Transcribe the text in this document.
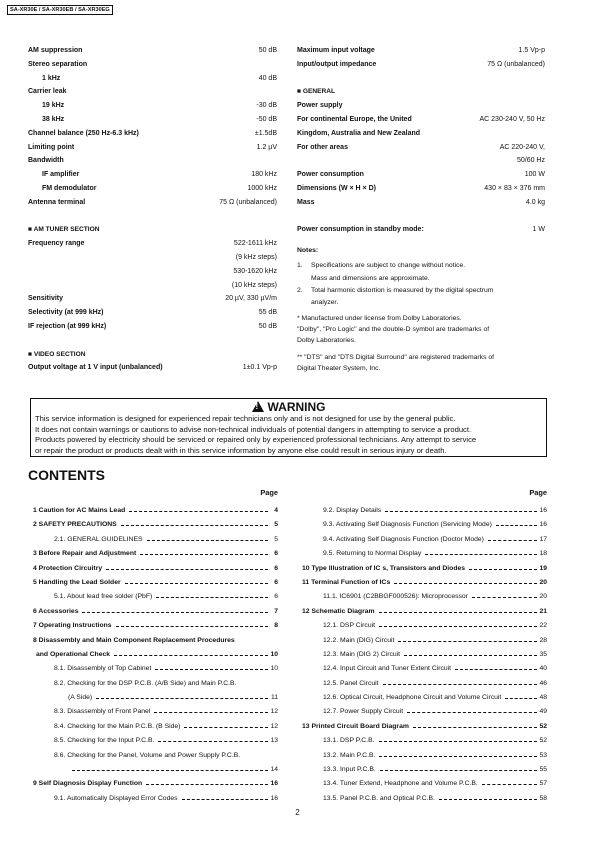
SA-XR30E / SA-XR30EB / SA-XR30EG
AM suppression	50 dB
Stereo separation
1 kHz	40 dB
Carrier leak
19 kHz	-30 dB
38 kHz	-50 dB
Channel balance (250 Hz-6.3 kHz)	±1.5dB
Limiting point	1.2 µV
Bandwidth
IF amplifier	180 kHz
FM demodulator	1000 kHz
Antenna terminal	75 Ω (unbalanced)
■ AM TUNER SECTION
Frequency range	522-1611 kHz
(9 kHz steps)
530-1620 kHz
(10 kHz steps)
Sensitivity	20 µV, 330 µV/m
Selectivity (at 999 kHz)	55 dB
IF rejection (at 999 kHz)	50 dB
■ VIDEO SECTION
Output voltage at 1 V input (unbalanced)	1±0.1 Vp-p
Maximum input voltage	1.5 Vp-p
Input/output impedance	75 Ω (unbalanced)
■ GENERAL
Power supply
For continental Europe, the United	AC 230-240 V, 50 Hz
Kingdom, Australia and New Zealand
For other areas	AC 220-240 V,
50/60 Hz
Power consumption	100 W
Dimensions (W × H × D)	430 × 83 × 376 mm
Mass	4.0 kg
Power consumption in standby mode:	1 W
Notes:
1.	Specifications are subject to change without notice.
Mass and dimensions are approximate.
2.	Total harmonic distortion is measured by the digital spectrum
analyzer.
* Manufactured under license from Dolby Laboratories.
"Dolby", "Pro Logic" and the double-D symbol are trademarks of
Dolby Laboratories.
** "DTS" and "DTS Digital Surround" are registered trademarks of
Digital Theater System, Inc.
!WARNING
This service information is designed for experienced repair technicians only and is not designed for use by the general public.
It does not contain warnings or cautions to advise non-technical individuals of potential dangers in attempting to service a product.
Products powered by electricity should be serviced or repaired only by experienced professional technicians. Any attempt to service
or repair the product or products dealt with in this service information by anyone else could result in serious injury or death.
CONTENTS
Page
1 Caution for AC Mains Lead	4
2 SAFETY PRECAUTIONS	5
2.1. GENERAL GUIDELINES	5
3 Before Repair and Adjustment	6
4 Protection Circuitry	6
5 Handling the Lead Solder	6
5.1. About lead free solder (PbF)	6
6 Accessories	7
7 Operating Instructions	8
8 Disassembly and Main Component Replacement Procedures
and Operational Check	10
8.1. Disassembly of Top Cabinet	10
8.2. Checking for the DSP P.C.B. (A/B Side) and Main P.C.B.
(A Side)	11
8.3. Disassembly of Front Panel	12
8.4. Checking for the Main P.C.B. (B Side)	12
8.5. Checking for the Input P.C.B.	13
8.6. Checking for the Panel, Volume and Power Supply P.C.B.
14
9 Self Diagnosis Display Function	16
9.1. Automatically Displayed Error Codes	16
Page
9.2. Display Details	16
9.3. Activating Self Diagnosis Function (Servicing Mode)	16
9.4. Activating Self Diagnosis Function (Doctor Mode)	17
9.5. Returning to Normal Display	18
10 Type Illustration of IC s, Transistors and Diodes	19
11 Terminal Function of ICs	20
11.1. IC6901 (C2BBGF000526): Microprocessor	20
12 Schematic Diagram	21
12.1. DSP Circuit	22
12.2. Main (DIG) Circuit	28
12.3. Main (DIG 2) Circuit	35
12.4. Input Circuit and Tuner Extent Circuit	40
12.5. Panel Circuit	46
12.6. Optical Circuit, Headphone Circuit and Volume Circuit	48
12.7. Power Supply Circuit	49
13 Printed Circuit Board Diagram	52
13.1. DSP P.C.B.	52
13.2. Main P.C.B.	53
13.3. Input P.C.B.	55
13.4. Tuner Extend, Headphone and Volume P.C.B.	57
13.5. Panel P.C.B. and Optical P.C.B.	58
2
